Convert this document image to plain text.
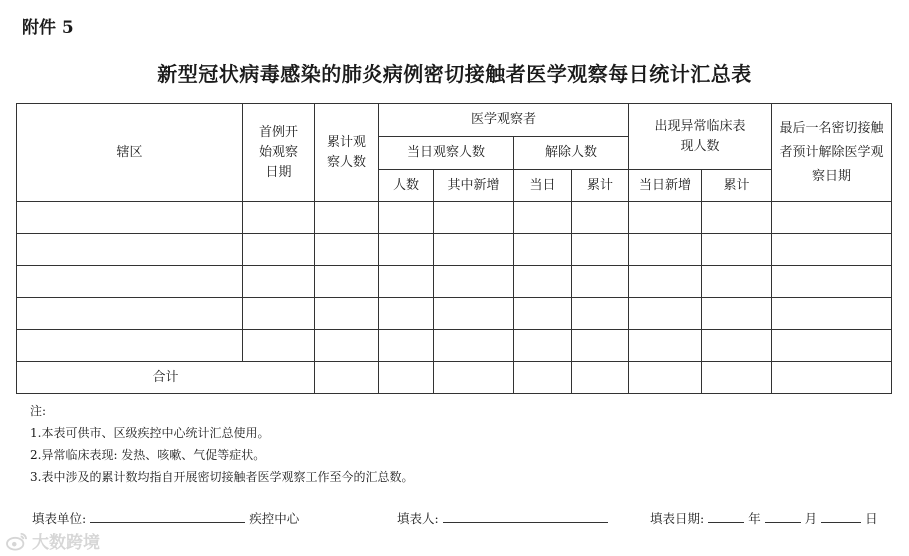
附件 5
新型冠状病毒感染的肺炎病例密切接触者医学观察每日统计汇总表
辖区	首例开始观察日期	累计观察人数	医学观察者				出现异常临床表现人数		最后一名密切接触者预计解除医学观察日期

			当日观察人数		解除人数				
			人数	其中新增	当日	累计	当日新增	累计	

合计									
注:
1.本表可供市、区级疾控中心统计汇总使用。
2.异常临床表现: 发热、咳嗽、气促等症状。
3.表中涉及的累计数均指自开展密切接触者医学观察工作至今的汇总数。
填表单位:	疾控中心	填表人:	填表日期:	年	月	日
大数跨境
